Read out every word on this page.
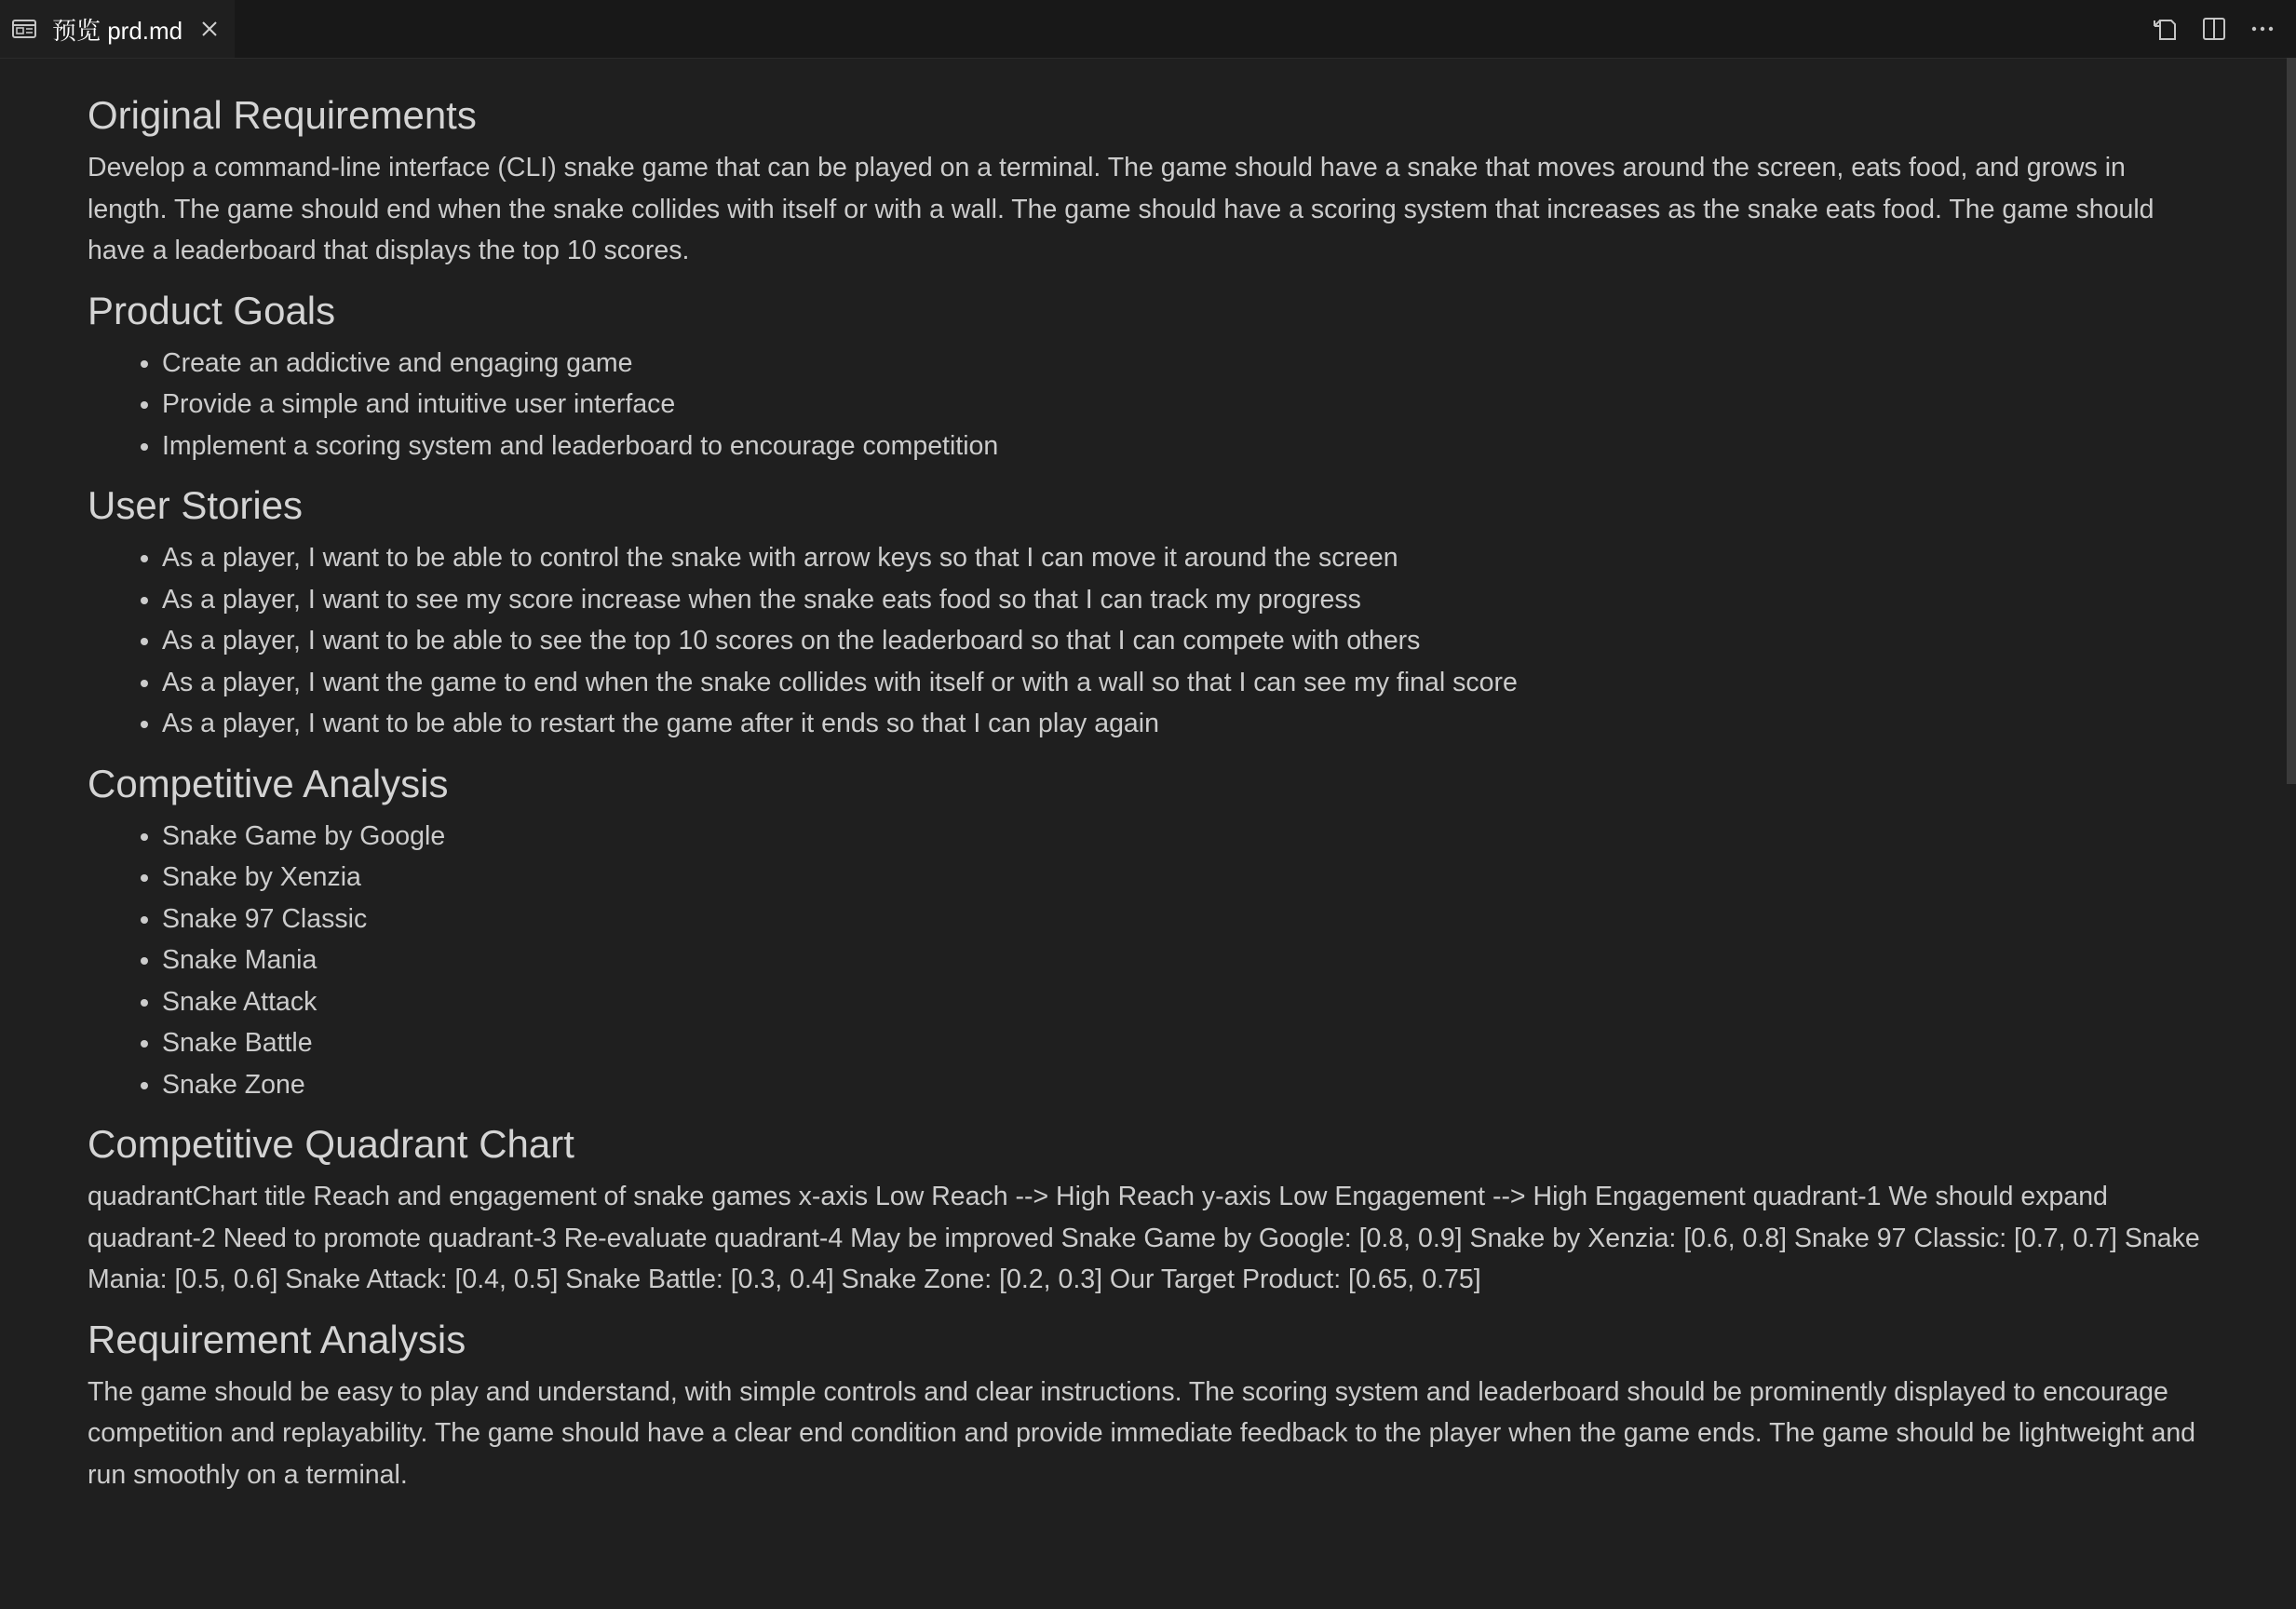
预览 prd.md
Original Requirements

Develop a command-line interface (CLI) snake game that can be played on a terminal. The game should have a snake that moves around the screen, eats food, and grows in length. The game should end when the snake collides with itself or with a wall. The game should have a scoring system that increases as the snake eats food. The game should have a leaderboard that displays the top 10 scores.

Product Goals
• Create an addictive and engaging game
• Provide a simple and intuitive user interface
• Implement a scoring system and leaderboard to encourage competition
User Stories
• As a player, I want to be able to control the snake with arrow keys so that I can move it around the screen
• As a player, I want to see my score increase when the snake eats food so that I can track my progress
• As a player, I want to be able to see the top 10 scores on the leaderboard so that I can compete with others
• As a player, I want the game to end when the snake collides with itself or with a wall so that I can see my final score
• As a player, I want to be able to restart the game after it ends so that I can play again
Competitive Analysis
• Snake Game by Google
• Snake by Xenzia
• Snake 97 Classic
• Snake Mania
• Snake Attack
• Snake Battle
• Snake Zone
Competitive Quadrant Chart

quadrantChart title Reach and engagement of snake games x-axis Low Reach --> High Reach y-axis Low Engagement --> High Engagement quadrant-1 We should expand quadrant-2 Need to promote quadrant-3 Re-evaluate quadrant-4 May be improved Snake Game by Google: [0.8, 0.9] Snake by Xenzia: [0.6, 0.8] Snake 97 Classic: [0.7, 0.7] Snake Mania: [0.5, 0.6] Snake Attack: [0.4, 0.5] Snake Battle: [0.3, 0.4] Snake Zone: [0.2, 0.3] Our Target Product: [0.65, 0.75]

Requirement Analysis

The game should be easy to play and understand, with simple controls and clear instructions. The scoring system and leaderboard should be prominently displayed to encourage competition and replayability. The game should have a clear end condition and provide immediate feedback to the player when the game ends. The game should be lightweight and run smoothly on a terminal.
